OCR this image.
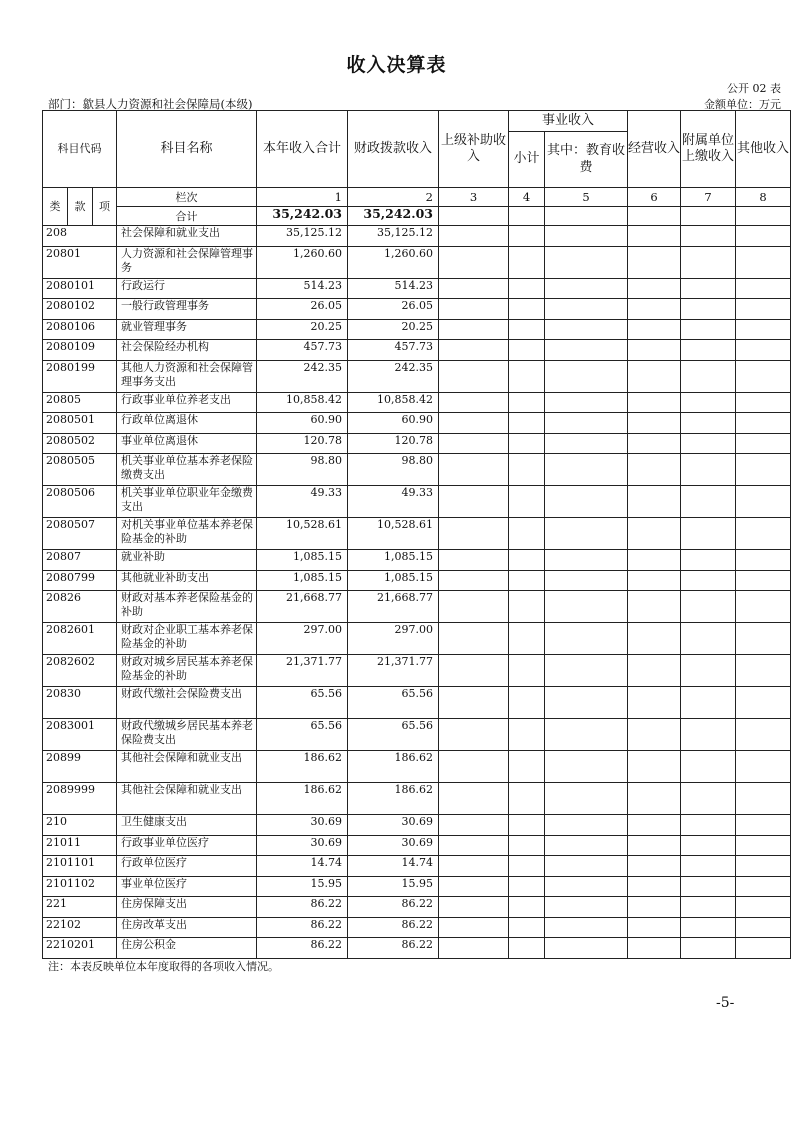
收入决算表
公开 02 表
部门：歙县人力资源和社会保障局(本级)	金额单位：万元
科目代码			科目名称	本年收入合计	财政拨款收入	上级补助收入	事业收入		经营收入	附属单位上缴收入	其他收入
							小计	其中：教育收费			
类	款	项	栏次	1	2	3	4	5	6	7	8
			合计	35,242.03	35,242.03						
208			社会保障和就业支出	35,125.12	35,125.12						
20801			人力资源和社会保障管理事务	1,260.60	1,260.60						
2080101			行政运行	514.23	514.23						
2080102			一般行政管理事务	26.05	26.05						
2080106			就业管理事务	20.25	20.25						
2080109			社会保险经办机构	457.73	457.73						
2080199			其他人力资源和社会保障管理事务支出	242.35	242.35						
20805			行政事业单位养老支出	10,858.42	10,858.42						
2080501			行政单位离退休	60.90	60.90						
2080502			事业单位离退休	120.78	120.78						
2080505			机关事业单位基本养老保险缴费支出	98.80	98.80						
2080506			机关事业单位职业年金缴费支出	49.33	49.33						
2080507			对机关事业单位基本养老保险基金的补助	10,528.61	10,528.61						
20807			就业补助	1,085.15	1,085.15						
2080799			其他就业补助支出	1,085.15	1,085.15						
20826			财政对基本养老保险基金的补助	21,668.77	21,668.77						
2082601			财政对企业职工基本养老保险基金的补助	297.00	297.00						
2082602			财政对城乡居民基本养老保险基金的补助	21,371.77	21,371.77						
20830			财政代缴社会保险费支出	65.56	65.56						
2083001			财政代缴城乡居民基本养老保险费支出	65.56	65.56						
20899			其他社会保障和就业支出	186.62	186.62						
2089999			其他社会保障和就业支出	186.62	186.62						
210			卫生健康支出	30.69	30.69						
21011			行政事业单位医疗	30.69	30.69						
2101101			行政单位医疗	14.74	14.74						
2101102			事业单位医疗	15.95	15.95						
221			住房保障支出	86.22	86.22						
22102			住房改革支出	86.22	86.22						
2210201			住房公积金	86.22	86.22						
注：本表反映单位本年度取得的各项收入情况。
-5-
